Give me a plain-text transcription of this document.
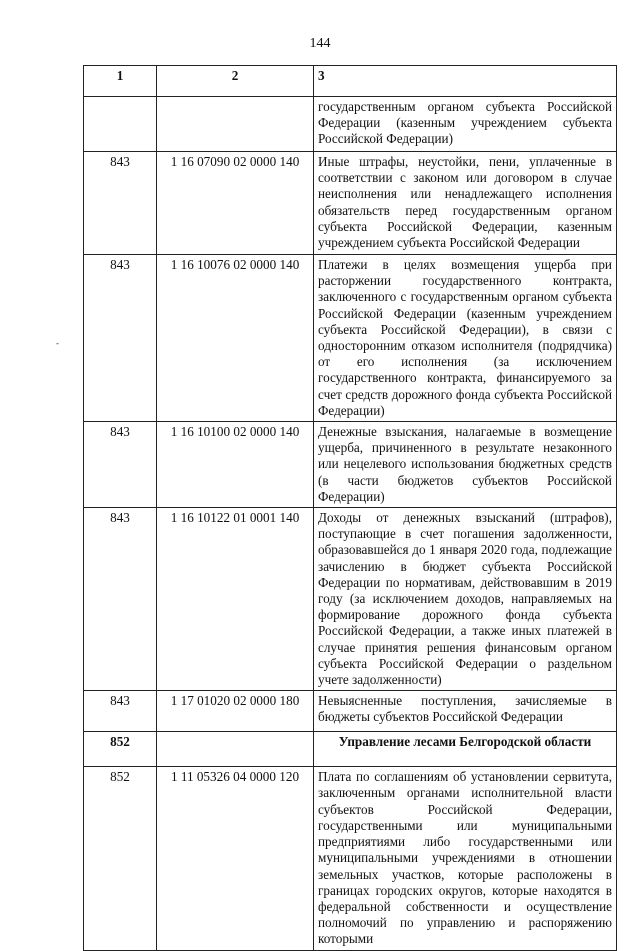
144
-
1	2	3
		государственным органом субъекта Российской Федерации (казенным учреждением субъекта Российской Федерации)
843	1 16 07090 02 0000 140	Иные штрафы, неустойки, пени, уплаченные в соответствии с законом или договором в случае неисполнения или ненадлежащего исполнения обязательств перед государственным органом субъекта Российской Федерации, казенным учреждением субъекта Российской Федерации
843	1 16 10076 02 0000 140	Платежи в целях возмещения ущерба при расторжении государственного контракта, заключенного с государственным органом субъекта Российской Федерации (казенным учреждением субъекта Российской Федерации), в связи с односторонним отказом исполнителя (подрядчика) от его исполнения (за исключением государственного контракта, финансируемого за счет средств дорожного фонда субъекта Российской Федерации)
843	1 16 10100 02 0000 140	Денежные взыскания, налагаемые в возмещение ущерба, причиненного в результате незаконного или нецелевого использования бюджетных средств (в части бюджетов субъектов Российской Федерации)
843	1 16 10122 01 0001 140	Доходы от денежных взысканий (штрафов), поступающие в счет погашения задолженности, образовавшейся до 1 января 2020 года, подлежащие зачислению в бюджет субъекта Российской Федерации по нормативам, действовавшим в 2019 году (за исключением доходов, направляемых на формирование дорожного фонда субъекта Российской Федерации, а также иных платежей в случае принятия решения финансовым органом субъекта Российской Федерации о раздельном учете задолженности)
843	1 17 01020 02 0000 180	Невыясненные поступления, зачисляемые в бюджеты субъектов Российской Федерации
852		Управление лесами Белгородской области
852	1 11 05326 04 0000 120	Плата по соглашениям об установлении сервитута, заключенным органами исполнительной власти субъектов Российской Федерации, государственными или муниципальными предприятиями либо государственными или муниципальными учреждениями в отношении земельных участков, которые расположены в границах городских округов, которые находятся в федеральной собственности и осуществление полномочий по управлению и распоряжению которыми
